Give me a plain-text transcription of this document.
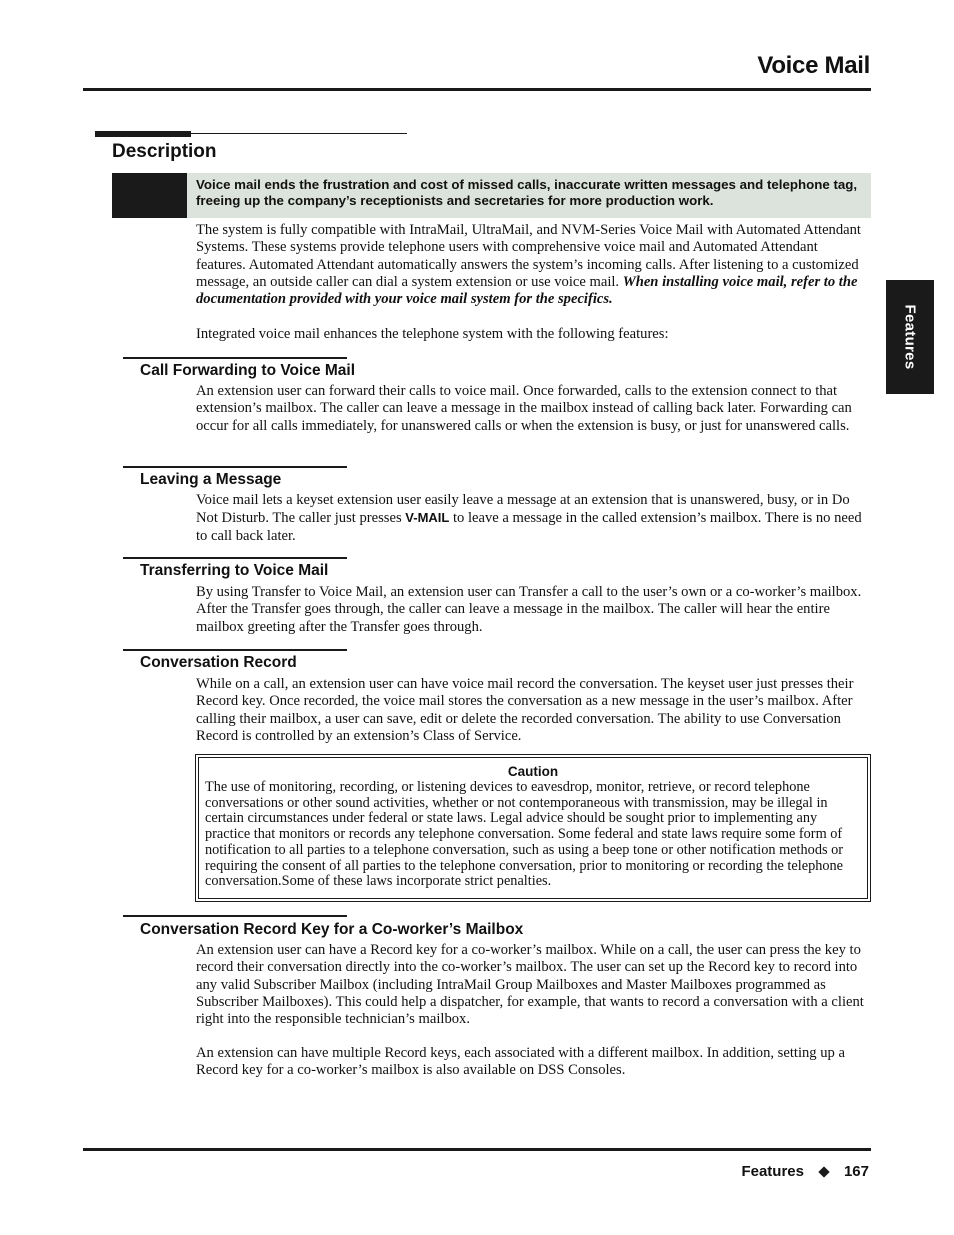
Voice Mail
Features
Description
Voice mail ends the frustration and cost of missed calls, inaccurate written messages and telephone tag, freeing up the company’s receptionists and secretaries for more production work.

The system is fully compatible with IntraMail, UltraMail, and NVM-Series Voice Mail with Automated Attendant Systems. These systems provide telephone users with comprehensive voice mail and Automated Attendant features. Automated Attendant automatically answers the system’s incoming calls. After listening to a customized message, an outside caller can dial a system extension or use voice mail. When installing voice mail, refer to the documentation provided with your voice mail system for the specifics.

Integrated voice mail enhances the telephone system with the following features:

Call Forwarding to Voice Mail

An extension user can forward their calls to voice mail. Once forwarded, calls to the extension connect to that extension’s mailbox. The caller can leave a message in the mailbox instead of calling back later. Forwarding can occur for all calls immediately, for unanswered calls or when the extension is busy, or just for unanswered calls.

Leaving a Message

Voice mail lets a keyset extension user easily leave a message at an extension that is unanswered, busy, or in Do Not Disturb. The caller just presses V-MAIL to leave a message in the called extension’s mailbox. There is no need to call back later.

Transferring to Voice Mail

By using Transfer to Voice Mail, an extension user can Transfer a call to the user’s own or a co-worker’s mailbox. After the Transfer goes through, the caller can leave a message in the mailbox. The caller will hear the entire mailbox greeting after the Transfer goes through.

Conversation Record

While on a call, an extension user can have voice mail record the conversation. The keyset user just presses their Record key. Once recorded, the voice mail stores the conversation as a new message in the user’s mailbox. After calling their mailbox, a user can save, edit or delete the recorded conversation. The ability to use Conversation Record is controlled by an extension’s Class of Service.

Caution

The use of monitoring, recording, or listening devices to eavesdrop, monitor, retrieve, or record telephone conversations or other sound activities, whether or not contemporaneous with transmission, may be illegal in certain circumstances under federal or state laws. Legal advice should be sought prior to implementing any practice that monitors or records any telephone conversation. Some federal and state laws require some form of notification to all parties to a telephone conversation, such as using a beep tone or other notification methods or requiring the consent of all parties to the telephone conversation, prior to monitoring or recording the telephone conversation.Some of these laws incorporate strict penalties.

Conversation Record Key for a Co-worker’s Mailbox

An extension user can have a Record key for a co-worker’s mailbox. While on a call, the user can press the key to record their conversation directly into the co-worker’s mailbox. The user can set up the Record key to record into any valid Subscriber Mailbox (including IntraMail Group Mailboxes and Master Mailboxes programmed as Subscriber Mailboxes). This could help a dispatcher, for example, that wants to record a conversation with a client right into the responsible technician’s mailbox.

An extension can have multiple Record keys, each associated with a different mailbox. In addition, setting up a Record key for a co-worker’s mailbox is also available on DSS Consoles.

Features	167
